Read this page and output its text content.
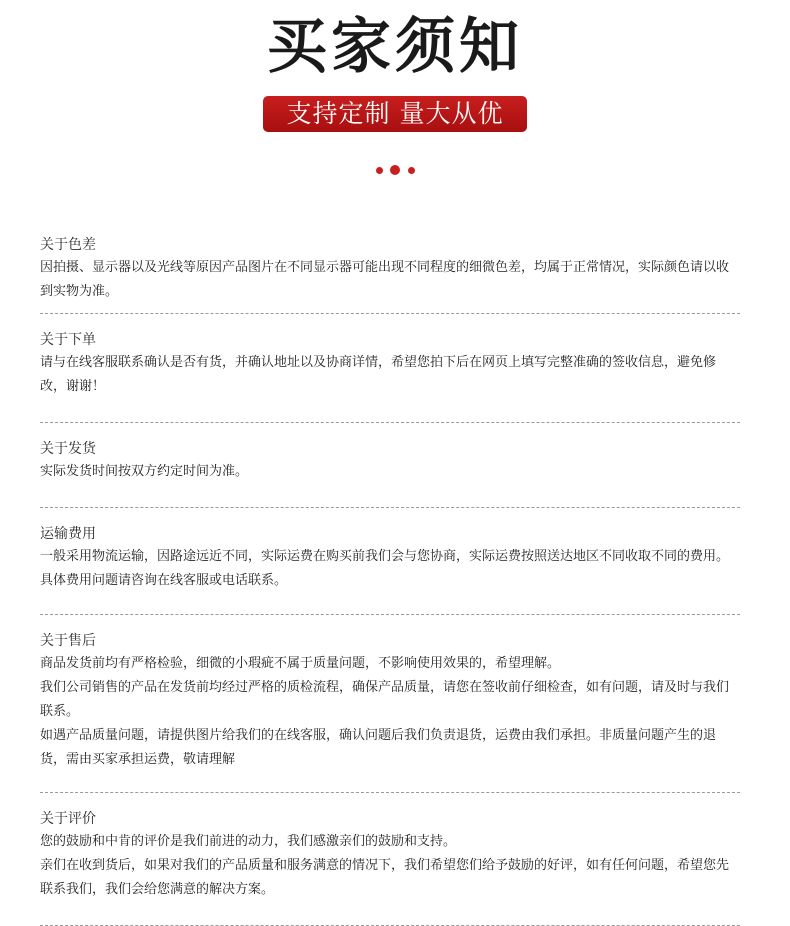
买家须知
支持定制 量大从优
关于色差

因拍摄、显示器以及光线等原因产品图片在不同显示器可能出现不同程度的细微色差，均属于正常情况，实际颜色请以收到实物为准。

关于下单

请与在线客服联系确认是否有货，并确认地址以及协商详情，希望您拍下后在网页上填写完整准确的签收信息，避免修改，谢谢！

关于发货

实际发货时间按双方约定时间为准。

运输费用

一般采用物流运输，因路途远近不同，实际运费在购买前我们会与您协商，实际运费按照送达地区不同收取不同的费用。具体费用问题请咨询在线客服或电话联系。

关于售后

商品发货前均有严格检验，细微的小瑕疵不属于质量问题，不影响使用效果的，希望理解。

我们公司销售的产品在发货前均经过严格的质检流程，确保产品质量，请您在签收前仔细检查，如有问题，请及时与我们联系。

如遇产品质量问题，请提供图片给我们的在线客服，确认问题后我们负责退货，运费由我们承担。非质量问题产生的退货，需由买家承担运费，敬请理解

关于评价

您的鼓励和中肯的评价是我们前进的动力，我们感激亲们的鼓励和支持。

亲们在收到货后，如果对我们的产品质量和服务满意的情况下，我们希望您们给予鼓励的好评，如有任何问题，希望您先联系我们，我们会给您满意的解决方案。
